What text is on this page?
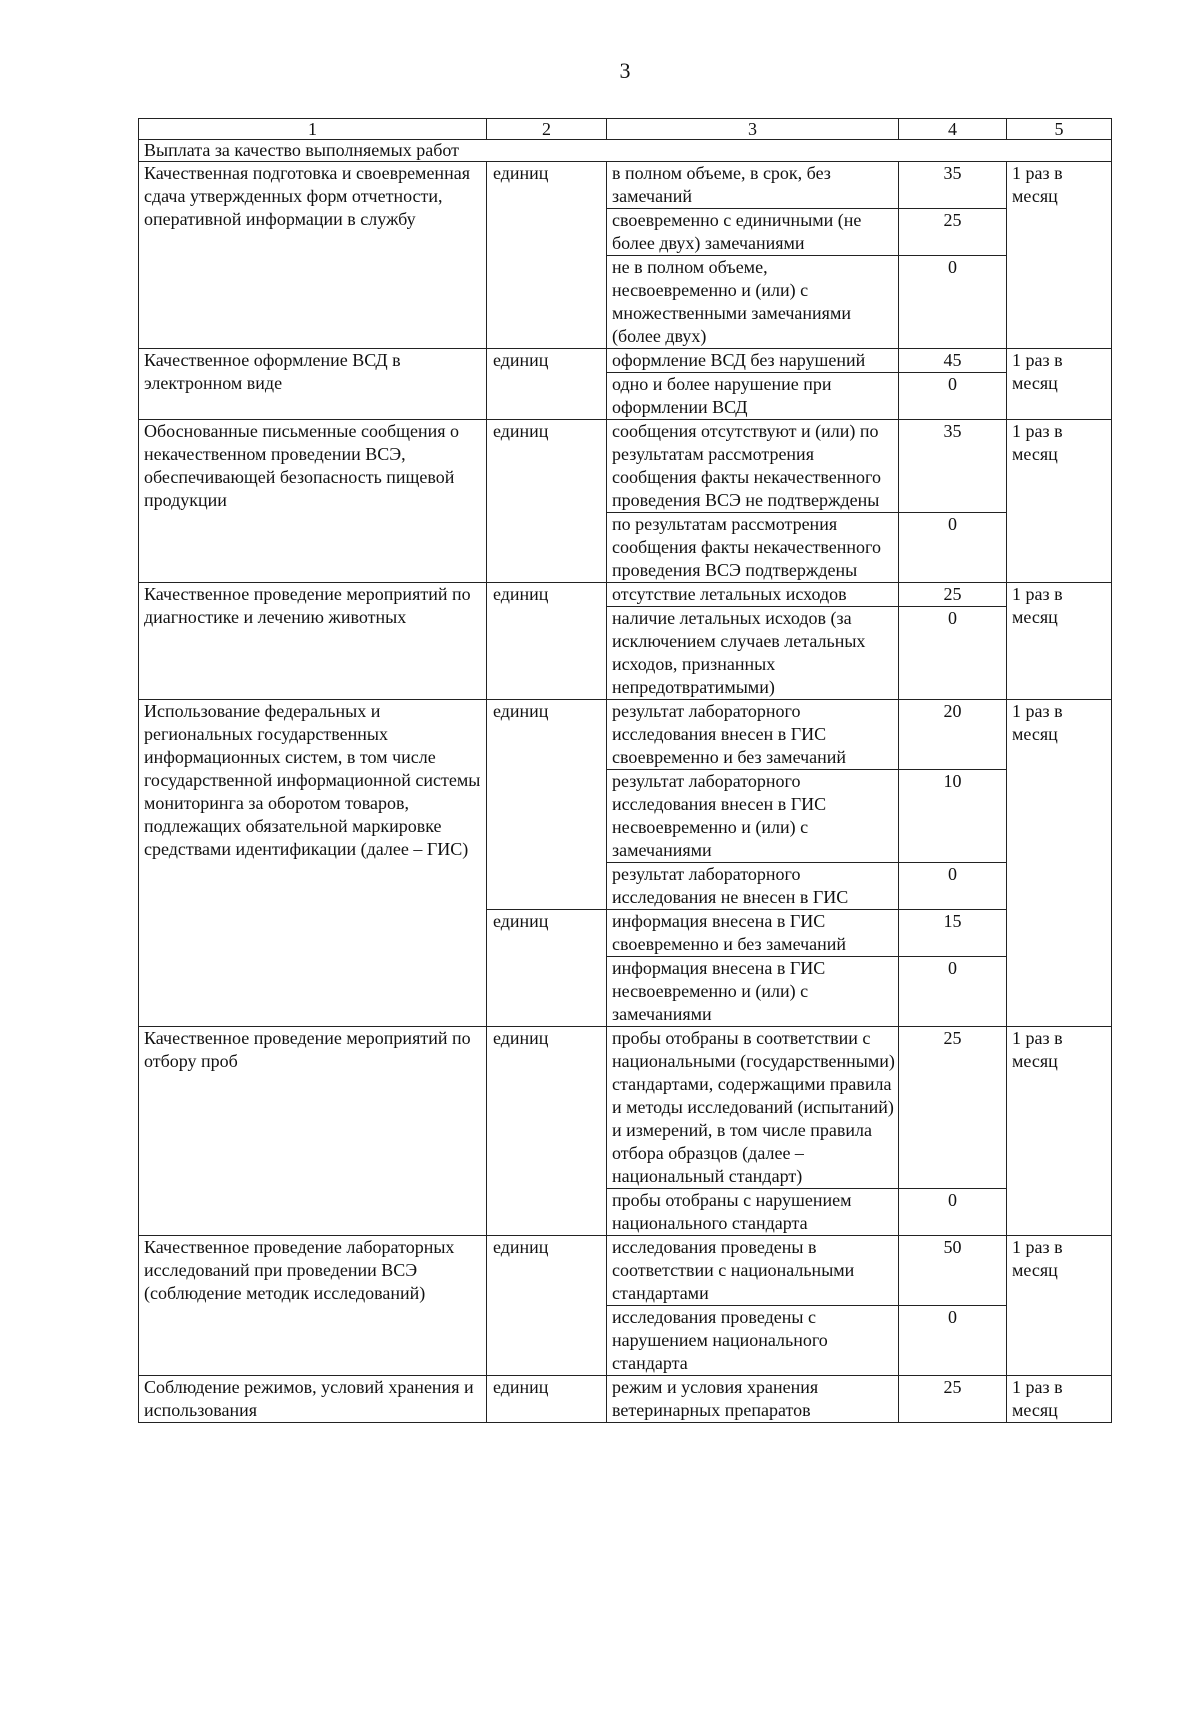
3
1	2	3	4	5
Выплата за качество выполняемых работ				
Качественная подготовка и своевременная сдача утвержденных форм отчетности, оперативной информации в службу	единиц	в полном объеме, в срок, без замечаний	35	1 раз в месяц
		своевременно с единичными (не более двух) замечаниями	25	
		не в полном объеме, несвоевременно и (или) с множественными замечаниями (более двух)	0	
Качественное оформление ВСД в электронном виде	единиц	оформление ВСД без нарушений	45	1 раз в месяц
		одно и более нарушение при оформлении ВСД	0	
Обоснованные письменные сообщения о некачественном проведении ВСЭ, обеспечивающей безопасность пищевой продукции	единиц	сообщения отсутствуют и (или) по результатам рассмотрения сообщения факты некачественного проведения ВСЭ не подтверждены	35	1 раз в месяц
		по результатам рассмотрения сообщения факты некачественного проведения ВСЭ подтверждены	0	
Качественное проведение мероприятий по диагностике и лечению животных	единиц	отсутствие летальных исходов	25	1 раз в месяц
		наличие летальных исходов (за исключением случаев летальных исходов, признанных непредотвратимыми)	0	
Использование федеральных и региональных государственных информационных систем, в том числе государственной информационной системы мониторинга за оборотом товаров, подлежащих обязательной маркировке средствами идентификации (далее – ГИС)	единиц	результат лабораторного исследования внесен в ГИС своевременно и без замечаний	20	1 раз в месяц
		результат лабораторного исследования внесен в ГИС несвоевременно и (или) с замечаниями	10	
		результат лабораторного исследования не внесен в ГИС	0	
	единиц	информация внесена в ГИС своевременно и без замечаний	15	
		информация внесена в ГИС несвоевременно и (или) с замечаниями	0	
Качественное проведение мероприятий по отбору проб	единиц	пробы отобраны в соответствии с национальными (государственными) стандартами, содержащими правила и методы исследований (испытаний) и измерений, в том числе правила отбора образцов (далее – национальный стандарт)	25	1 раз в месяц
		пробы отобраны с нарушением национального стандарта	0	
Качественное проведение лабораторных исследований при проведении ВСЭ (соблюдение методик исследований)	единиц	исследования проведены в соответствии с национальными стандартами	50	1 раз в месяц
		исследования проведены с нарушением национального стандарта	0	
Соблюдение режимов, условий хранения и использования	единиц	режим и условия хранения ветеринарных препаратов	25	1 раз в месяц
